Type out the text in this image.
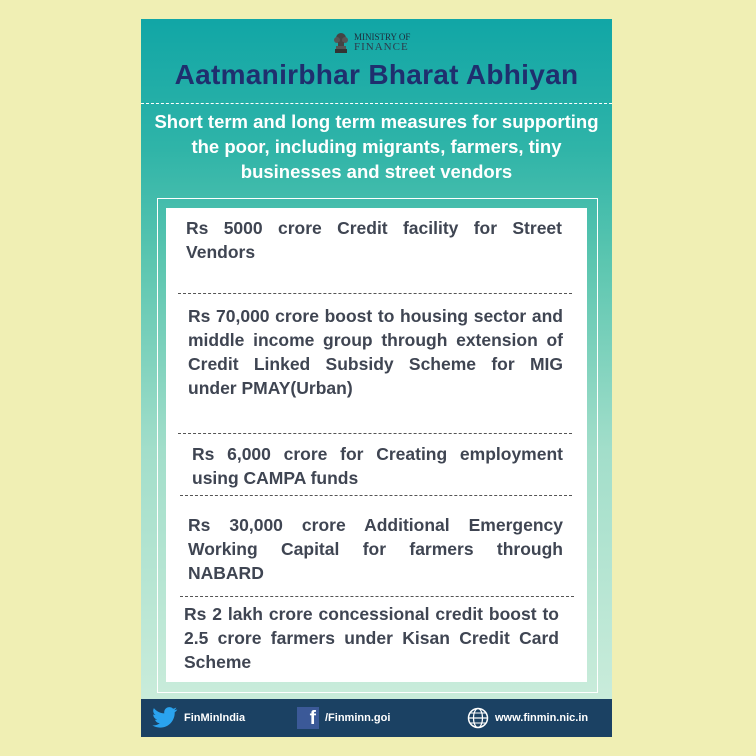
MINISTRY OF
FINANCE
Aatmanirbhar Bharat Abhiyan
Short term and long term measures for supporting the poor, including migrants, farmers, tiny businesses and street vendors
Rs 5000 crore Credit facility for Street Vendors
Rs 70,000 crore boost to housing sector and middle income group through extension of Credit Linked Subsidy Scheme for MIG under PMAY(Urban)
Rs 6,000 crore for Creating employment using CAMPA funds
Rs 30,000 crore Additional Emergency Working Capital for farmers through NABARD
Rs 2 lakh crore concessional credit boost to 2.5 crore farmers under Kisan Credit Card Scheme
FinMinIndia	f /Finminn.goi	www.finmin.nic.in
